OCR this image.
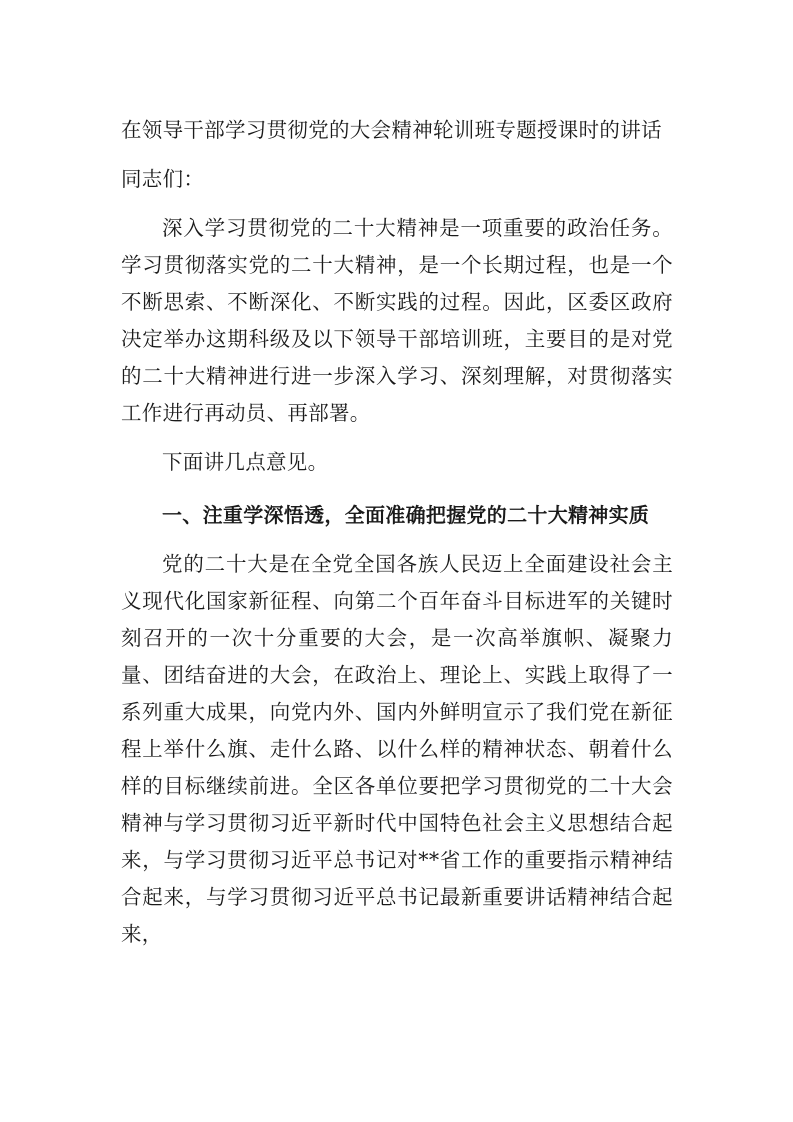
在领导干部学习贯彻党的大会精神轮训班专题授课时的讲话
同志们：

深入学习贯彻党的二十大精神是一项重要的政治任务。学习贯彻落实党的二十大精神，是一个长期过程，也是一个不断思索、不断深化、不断实践的过程。因此，区委区政府决定举办这期科级及以下领导干部培训班，主要目的是对党的二十大精神进行进一步深入学习、深刻理解，对贯彻落实工作进行再动员、再部署。

下面讲几点意见。

一、注重学深悟透，全面准确把握党的二十大精神实质

党的二十大是在全党全国各族人民迈上全面建设社会主义现代化国家新征程、向第二个百年奋斗目标进军的关键时刻召开的一次十分重要的大会，是一次高举旗帜、凝聚力量、团结奋进的大会，在政治上、理论上、实践上取得了一系列重大成果，向党内外、国内外鲜明宣示了我们党在新征程上举什么旗、走什么路、以什么样的精神状态、朝着什么样的目标继续前进。全区各单位要把学习贯彻党的二十大会精神与学习贯彻习近平新时代中国特色社会主义思想结合起来，与学习贯彻习近平总书记对**省工作的重要指示精神结合起来，与学习贯彻习近平总书记最新重要讲话精神结合起来，
